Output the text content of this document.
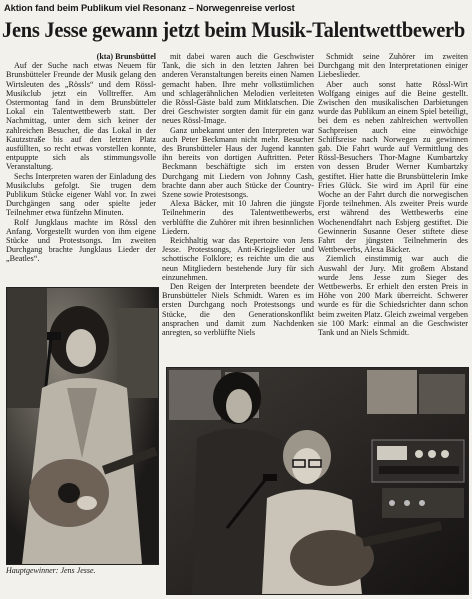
Aktion fand beim Publikum viel Resonanz – Norwegenreise verlost
Jens Jesse gewann jetzt beim Musik-Talentwettbewerb

(kta) Brunsbüttel

Auf der Suche nach etwas Neuem für Brunsbütteler Freunde der Musik gelang den Wirtsleuten des „Rössls“ und dem Rössl-Musikclub jetzt ein Volltreffer. Am Ostermontag fand in dem Brunsbütteler Lokal ein Talentwettbewerb statt. Der Nachmittag, unter dem sich keiner der zahlreichen Besucher, die das Lokal in der Kautzstraße bis auf den letzten Platz ausfüllten, so recht etwas vorstellen konnte, entpuppte sich als stimmungsvolle Veranstaltung.

Sechs Interpreten waren der Einladung des Musikclubs gefolgt. Sie trugen dem Publikum Stücke eigener Wahl vor. In zwei Durchgängen sang oder spielte jeder Teilnehmer etwa fünfzehn Minuten.

Rolf Jungklaus machte im Rössl den Anfang. Vorgestellt wurden von ihm eigene Stücke und Protestsongs. Im zweiten Durchgang brachte Jungklaus Lieder der „Beatles“.

mit dabei waren auch die Geschwister Tank, die sich in den letzten Jahren bei anderen Veranstaltungen bereits einen Namen gemacht haben. Ihre mehr volkstümlichen und schlagerähnlichen Melodien verleiteten die Rössl-Gäste bald zum Mitklatschen. Die drei Geschwister sorgten damit für ein ganz neues Rössl-Image.

Ganz unbekannt unter den Interpreten war auch Peter Beckmann nicht mehr. Besucher des Brunsbütteler Haus der Jugend kannten ihn bereits von dortigen Auftritten. Peter Beckmann beschäftigte sich im ersten Durchgang mit Liedern von Johnny Cash, brachte dann aber auch Stücke der Country-Szene sowie Protestsongs.

Alexa Bäcker, mit 10 Jahren die jüngste Teilnehmerin des Talentwettbewerbs, verblüffte die Zuhörer mit ihren besinnlichen Liedern.

Reichhaltig war das Repertoire von Jens Jesse. Protestsongs, Anti-Kriegslieder und schottische Folklore; es reichte um die aus neun Mitgliedern bestehende Jury für sich einzunehmen.

Den Reigen der Interpreten beendete der Brunsbütteler Niels Schmidt. Waren es im ersten Durchgang noch Protestsongs und Stücke, die den Generationskonflikt ansprachen und damit zum Nachdenken anregten, so verblüffte Niels

Schmidt seine Zuhörer im zweiten Durchgang mit den Interpretationen einiger Liebeslieder.

Aber auch sonst hatte Rössl-Wirt Wolfgang einiges auf die Beine gestellt. Zwischen den musikalischen Darbietungen wurde das Publikum an einem Spiel beteiligt, bei dem es neben zahlreichen wertvollen Sachpreisen auch eine einwöchige Schiffsreise nach Norwegen zu gewinnen gab. Die Fahrt wurde auf Vermittlung des Rössl-Besuchers Thor-Magne Kumbartzky von dessen Bruder Werner Kumbartzky gestiftet. Hier hatte die Brunsbüttelerin Imke Fries Glück. Sie wird im April für eine Woche an der Fahrt durch die norwegischen Fjorde teilnehmen. Als zweiter Preis wurde erst während des Wettbewerbs eine Wochenendfahrt nach Esbjerg gestiftet. Die Gewinnerin Susanne Oeser stiftete diese Fahrt der jüngsten Teilnehmerin des Wettbewerbs, Alexa Bäcker.

Ziemlich einstimmig war auch die Auswahl der Jury. Mit großem Abstand wurde Jens Jesse zum Sieger des Wettbewerbs. Er erhielt den ersten Preis in Höhe von 200 Mark überreicht. Schwerer wurde es für die Schiedsrichter dann schon beim zweiten Platz. Gleich zweimal vergeben sie 100 Mark: einmal an die Geschwister Tank und an Niels Schmidt.

Hauptgewinner: Jens Jesse.
